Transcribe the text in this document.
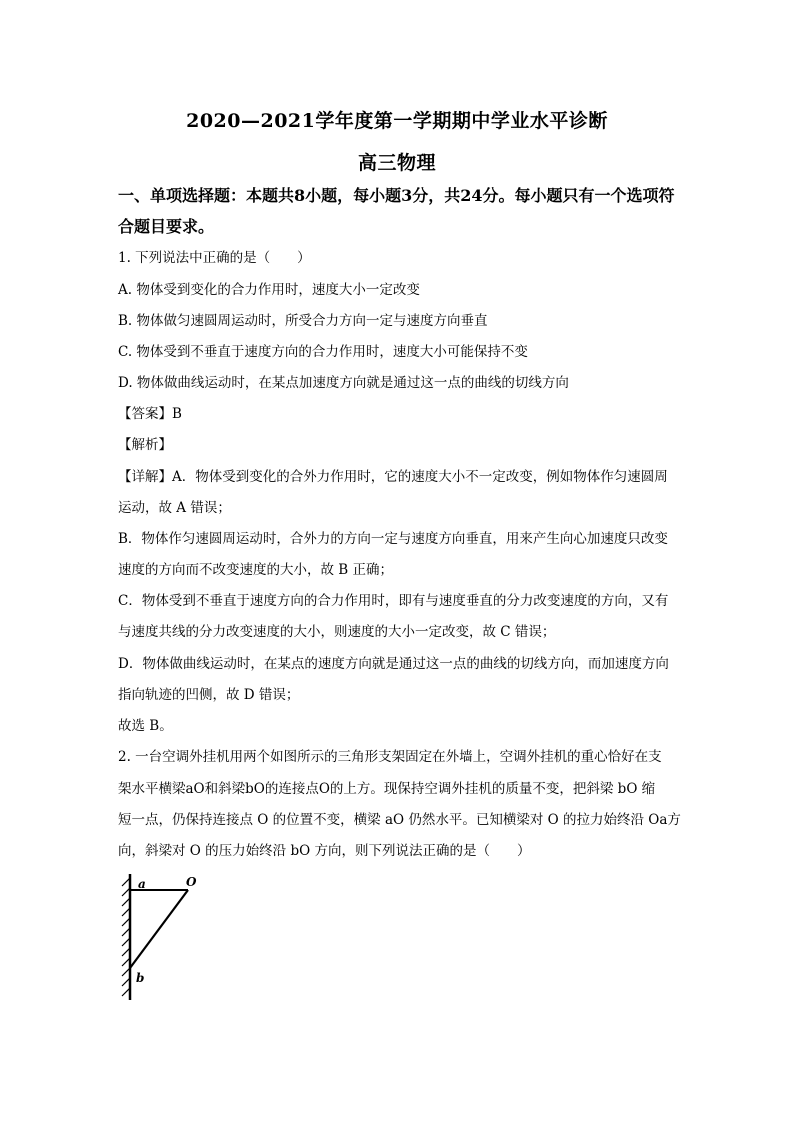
2020—2021学年度第一学期期中学业水平诊断
高三物理
一、单项选择题：本题共8小题，每小题3分，共24分。每小题只有一个选项符
合题目要求。
1. 下列说法中正确的是（　　）
A. 物体受到变化的合力作用时，速度大小一定改变
B. 物体做匀速圆周运动时，所受合力方向一定与速度方向垂直
C. 物体受到不垂直于速度方向的合力作用时，速度大小可能保持不变
D. 物体做曲线运动时，在某点加速度方向就是通过这一点的曲线的切线方向
【答案】B
【解析】
【详解】A．物体受到变化的合外力作用时，它的速度大小不一定改变，例如物体作匀速圆周
运动，故 A 错误；
B．物体作匀速圆周运动时，合外力的方向一定与速度方向垂直，用来产生向心加速度只改变
速度的方向而不改变速度的大小，故 B 正确；
C．物体受到不垂直于速度方向的合力作用时，即有与速度垂直的分力改变速度的方向，又有
与速度共线的分力改变速度的大小，则速度的大小一定改变，故 C 错误；
D．物体做曲线运动时，在某点的速度方向就是通过这一点的曲线的切线方向，而加速度方向
指向轨迹的凹侧，故 D 错误；
故选 B。
2. 一台空调外挂机用两个如图所示的三角形支架固定在外墙上，空调外挂机的重心恰好在支
架水平横梁aO和斜梁bO的连接点O的上方。现保持空调外挂机的质量不变，把斜梁 bO 缩
短一点，仍保持连接点 O 的位置不变，横梁 aO 仍然水平。已知横梁对 O 的拉力始终沿 Oa方
向，斜梁对 O 的压力始终沿 bO 方向，则下列说法正确的是（　　）
a	O
b
